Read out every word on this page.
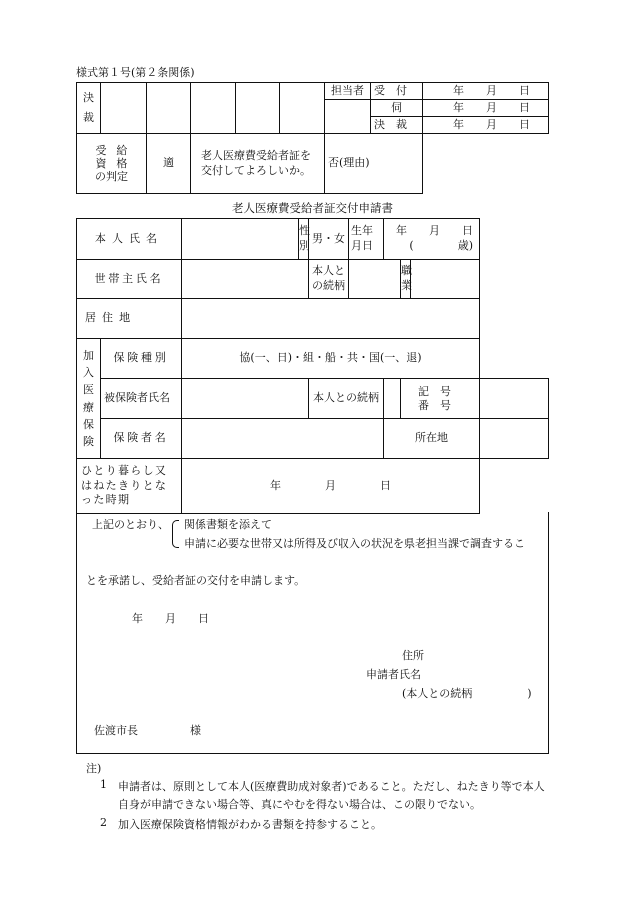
様式第１号(第２条関係)
決裁						担当者	受　付	年　　月　　日
							伺	年　　月　　日
							決　裁	年　　月　　日

受給
資格
の判定		適	老人医療費受給者証を交付してよろしいか。			否(理由)		
老人医療費受給者証交付申請書
本人氏名			性別	男・女	生年月日	年　　月　　日
(　　　　歳)			

世帯主氏名				本人との続柄			職業		
居住地									

加入医療保険	保険種別	協(一、日)・組・船・共・国(一、退)							
	被保険者氏名			本人との続柄			記号
番号		

	保険者名					所在地			
ひとり暮らし又はねたきりとなった時期		年　　　　月　　　　日							
上記のとおり、 関係書類を添えて
申請に必要な世帯又は所得及び収入の状況を県老担当課で調査するこ
とを承諾し、受給者証の交付を申請します。
年　　月　　日
住所
申請者氏名
(本人との続柄　　　　　)
佐渡市長	様
注)
1	申請者は、原則として本人(医療費助成対象者)であること。ただし、ねたきり等で本人自身が申請できない場合等、真にやむを得ない場合は、この限りでない。
2	加入医療保険資格情報がわかる書類を持参すること。
